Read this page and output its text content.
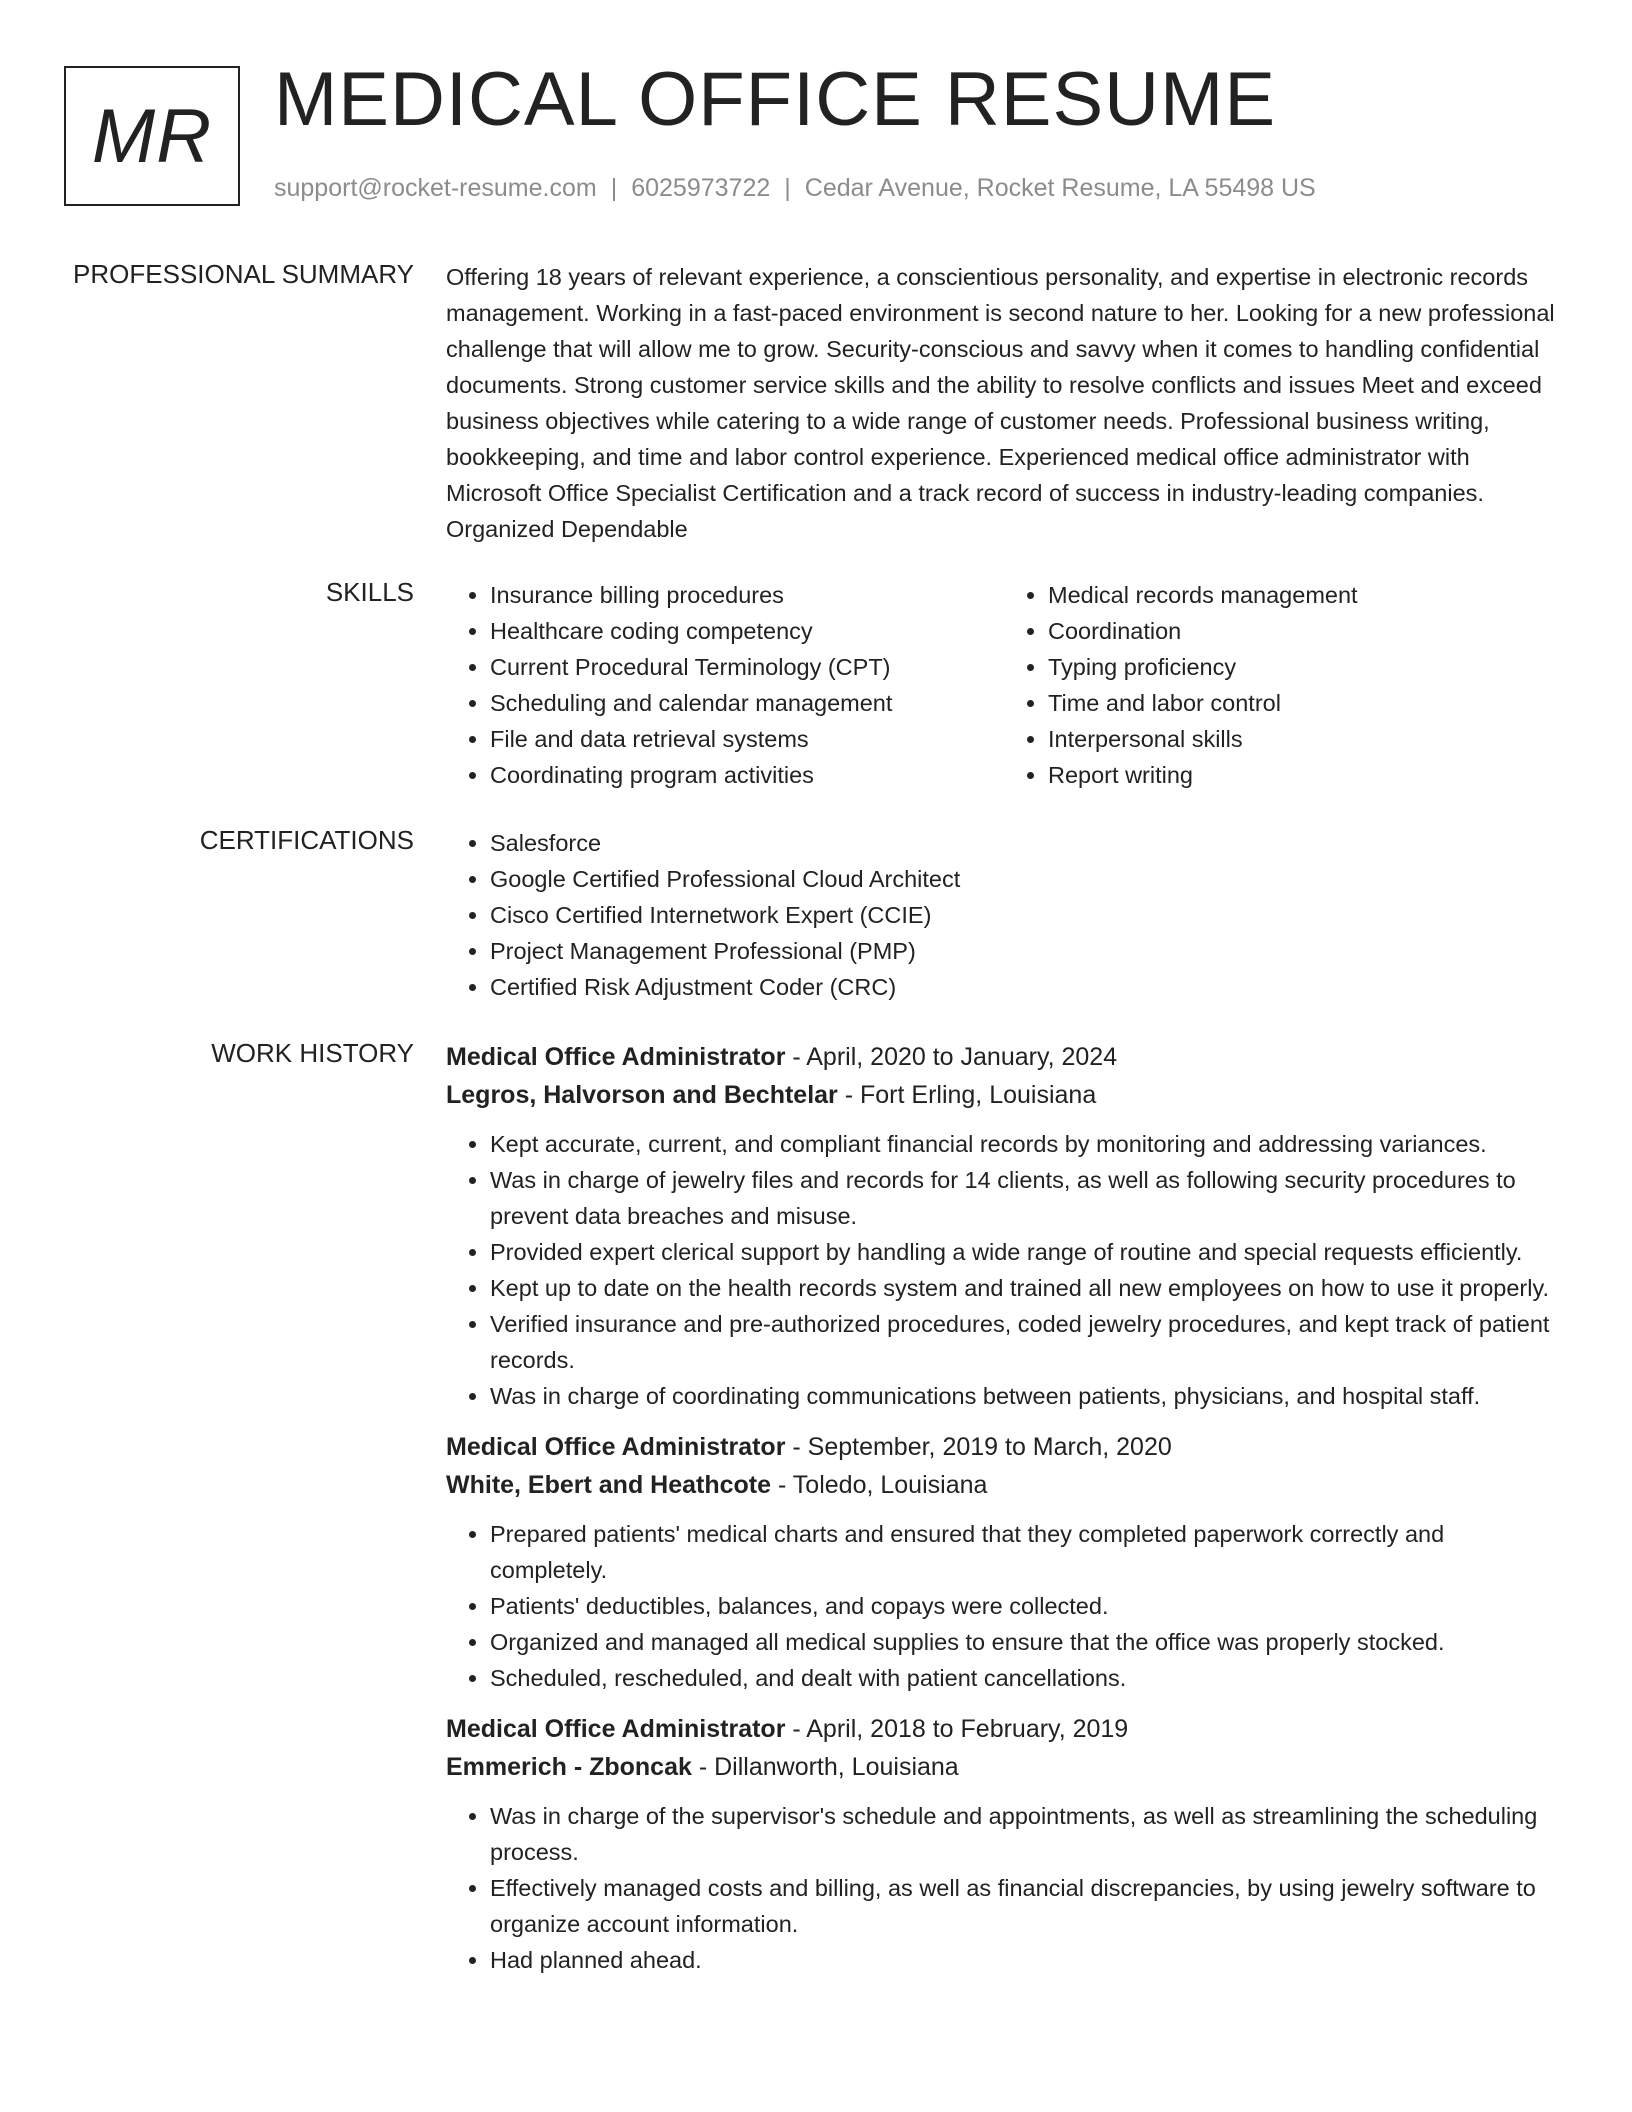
MR MEDICAL OFFICE RESUME
support@rocket-resume.com | 6025973722 | Cedar Avenue, Rocket Resume, LA 55498 US
PROFESSIONAL SUMMARY Offering 18 years of relevant experience, a conscientious personality, and expertise in electronic records management. Working in a fast-paced environment is second nature to her. Looking for a new professional challenge that will allow me to grow. Security-conscious and savvy when it comes to handling confidential documents. Strong customer service skills and the ability to resolve conflicts and issues Meet and exceed business objectives while catering to a wide range of customer needs. Professional business writing, bookkeeping, and time and labor control experience. Experienced medical office administrator with Microsoft Office Specialist Certification and a track record of success in industry-leading companies. Organized Dependable

SKILLS	• Insurance billing procedures
• Healthcare coding competency
• Current Procedural Terminology (CPT)
• Scheduling and calendar management
• File and data retrieval systems
• Coordinating program activities
• Medical records management
• Coordination
• Typing proficiency
• Time and labor control
• Interpersonal skills
• Report writing
CERTIFICATIONS	• Salesforce
• Google Certified Professional Cloud Architect
• Cisco Certified Internetwork Expert (CCIE)
• Project Management Professional (PMP)
• Certified Risk Adjustment Coder (CRC)
WORK HISTORY Medical Office Administrator - April, 2020 to January, 2024
Legros, Halvorson and Bechtelar - Fort Erling, Louisiana
• Kept accurate, current, and compliant financial records by monitoring and addressing variances.
• Was in charge of jewelry files and records for 14 clients, as well as following security procedures to prevent data breaches and misuse.
• Provided expert clerical support by handling a wide range of routine and special requests efficiently.
• Kept up to date on the health records system and trained all new employees on how to use it properly.
• Verified insurance and pre-authorized procedures, coded jewelry procedures, and kept track of patient records.
• Was in charge of coordinating communications between patients, physicians, and hospital staff.
Medical Office Administrator - September, 2019 to March, 2020
White, Ebert and Heathcote - Toledo, Louisiana
• Prepared patients' medical charts and ensured that they completed paperwork correctly and completely.
• Patients' deductibles, balances, and copays were collected.
• Organized and managed all medical supplies to ensure that the office was properly stocked.
• Scheduled, rescheduled, and dealt with patient cancellations.
Medical Office Administrator - April, 2018 to February, 2019
Emmerich - Zboncak - Dillanworth, Louisiana
• Was in charge of the supervisor's schedule and appointments, as well as streamlining the scheduling process.
• Effectively managed costs and billing, as well as financial discrepancies, by using jewelry software to organize account information.
• Had planned ahead.
